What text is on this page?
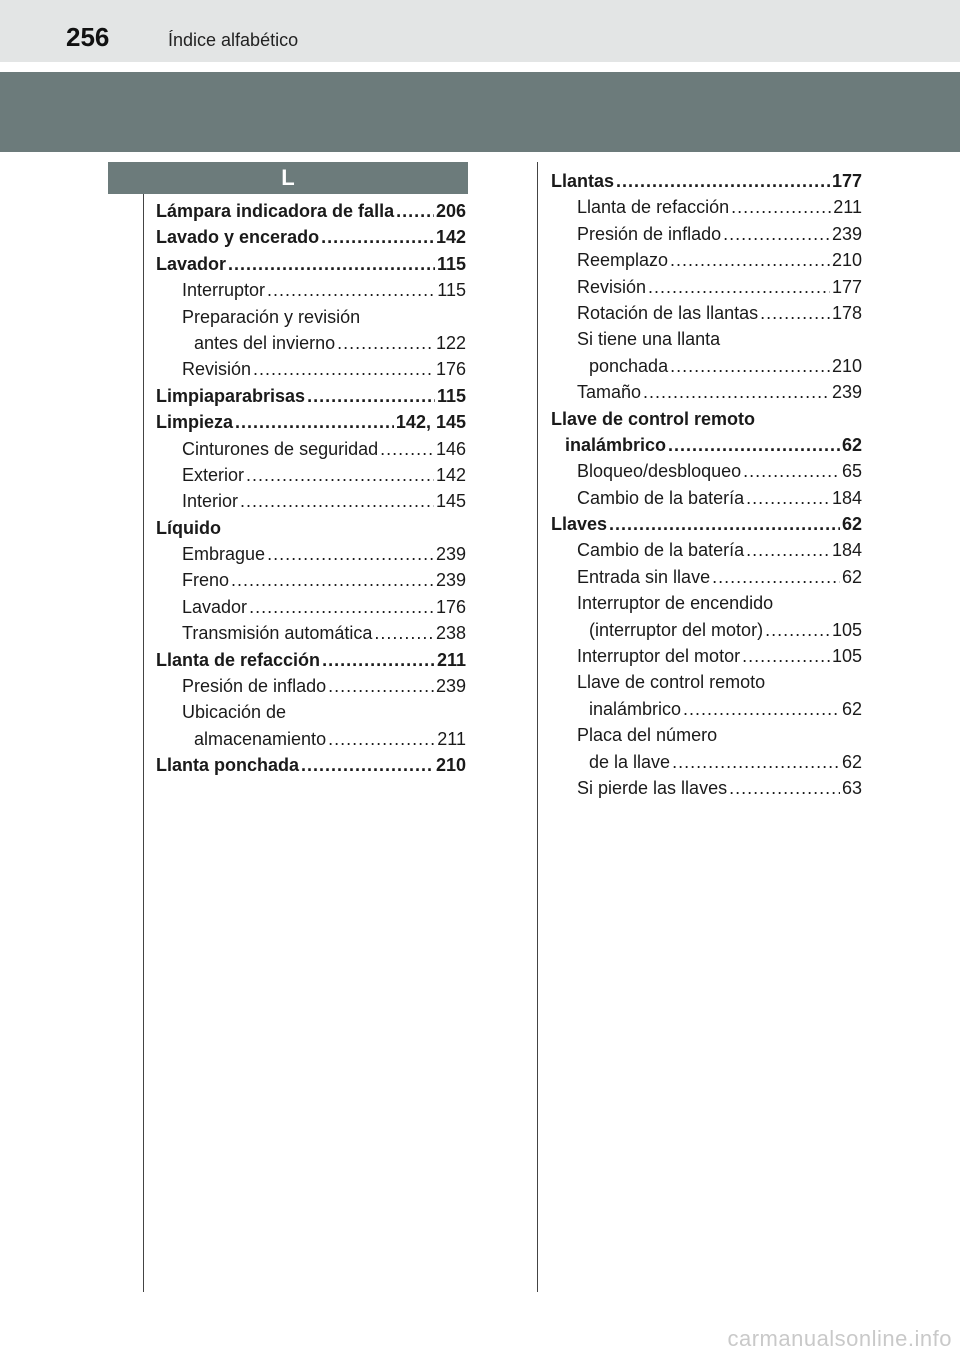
256	Índice alfabético
L
Lámpara indicadora de falla ..... 206
Lavado y encerado .....	142
Lavador .....	115
Interruptor .....	115
Preparación y revisión
antes del invierno .....	122
Revisión .....	176
Limpiaparabrisas .....	115
Limpieza .....	142, 145
Cinturones de seguridad .....	146
Exterior .....	142
Interior .....	145
Líquido
Embrague .....	239
Freno .....	239
Lavador .....	176
Transmisión automática .....	238
Llanta de refacción .....	211
Presión de inflado .....	239
Ubicación de
almacenamiento .....	211
Llanta ponchada .....	210
Llantas .....	177
Llanta de refacción .....	211
Presión de inflado .....	239
Reemplazo .....	210
Revisión .....	177
Rotación de las llantas .....	178
Si tiene una llanta
ponchada .....	210
Tamaño .....	239
Llave de control remoto
inalámbrico .....	62
Bloqueo/desbloqueo .....	65
Cambio de la batería .....	184
Llaves .....	62
Cambio de la batería .....	184
Entrada sin llave .....	62
Interruptor de encendido
(interruptor del motor) .....	105
Interruptor del motor .....	105
Llave de control remoto
inalámbrico .....	62
Placa del número
de la llave .....	62
Si pierde las llaves .....	63
carmanualsonline.info
